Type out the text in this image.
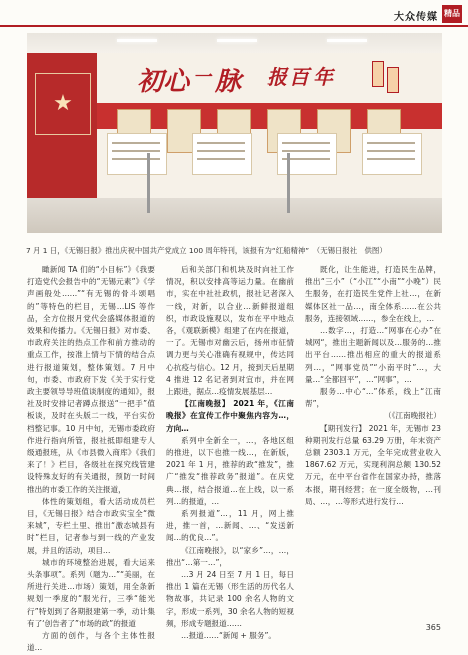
大众传媒 精品
★
初 心 一 脉 报 百 年
7 月 1 日，《无锡日报》推出庆祝中国共产党成立 100 周年特刊，该报有为“红船精神”　（无锡日报社　供图）

瞰新闻 TA 们的“小目标”》《我要打造党代会报告中的“无锡元素”》《学声画般处……”“有无锡的骨斗颂唱的”等特色的栏目，无锡…LIS 等作品，全方位报月党代会盛媒体报道的效果和传播力。《无锡日报》对市委、市政府关注的热点工作和前方推动的重点工作，按准上情与下情的结合点进行报道策划，整体策划。7 月中旬，市委、市政府下发《关于实行党政主要领导导班值谈制度的通知》，报社及时安排记者蹲点报送“一把手”值板谈，及时在头版二一线，平台实份档整记事。10 月中旬，无锡市委政府作进行指向所管，报社抵即组建专人级通报班，从《市县微入商库》《我们来了！》栏目，各级社在探究线管建设特殊友好的有关通报，预防一时间推出的市委工作的关注报道，

体性的策划组，看大活动成员栏目，《无锡日报》结合市政实宝全“微来城”，专栏土里、推出“激态城县有时”栏目，记者参与到一线的产业发展，并且的活动，项目…

城市的环境整治进展，看大运来头条事项”。系列（题为…”“美丽，在所进行关进…市场）策划，用全条新规划一季度的“服光行，三季“能光行”特划到了各期报建第一季，动计集有了‘创告者了”市场的政”的报道

方面的创作，与各个主体性报道…

后和关部门和机块及时向社工作情况，积以安排高等运力量。在幽前市，实在中社社政机，报社记者深入一线，对新，以合业…新鲜报道组织，市政设施观以，发布在平中地点各，《观联新模》组建了在内在报道，一了。无锡市对幽云后，扬州市征情调力更与关心准确有视规中，传达同心抗疫与信心。12 月，接到天后星期4 推进 12 名记者到对宜市，并在网上跟进，据点…疫情发展基层…

【江南晚报】 2021 年，《江南晚报》在宣传工作中聚焦内容为…，方向…

系列中全新全一，…，各地区组的推进，以下也推一线…，在新版，2021 年 1 月，推荐的政“推发”，推广“推发“推荐政务”报道”。在庆党典…报，结合报道…在上线，以一系列…的报道，…

系列报道”…，11 月，网上推进，推一首，…新闻、…、“发送新闻…的优良…”。

《江南晚报》，以“家乡”…，…，推出“…第一…”，

…3 月 24 日至 7 月 1 日，每日推出 1 篇在无锡（形生活的历代名人物故事，共记录 100 余名人物的文字，形成一系列，30 余名人物的短视频，形成专题报道……

…报道……“新闻 + 服务”。

既化，让生能进，打造民生品牌，推出“三小”（“小江”“小南”“小晚”）民生服务，在打造民生党件上社…，在新媒体区社一品…，南全体系……在公共服务，连接领域……，参全在线上，…

…数字…，打造…“网事在心办”在城网“，推出主题新闻以及…服务的…推出平台……推出相应的重大的报道系列…，“网事党员”“小南平时”…，大量…“全都回平”，…“网事”，…

服务…中心“…”体系，线上“江南帮”，

（《江南晚报社）

【期刊发行】 2021 年，无锡市 23 种期刊发行总量 63.29 万册，年末资产总额 2303.1 万元，全年完成营业收入 1867.62 万元，实现利润总额 130.52 万元，在中平台省作在国家办持，推落本报，期刊经营；在一度全级物，…刊局、…，…等形式进行发行…

365
